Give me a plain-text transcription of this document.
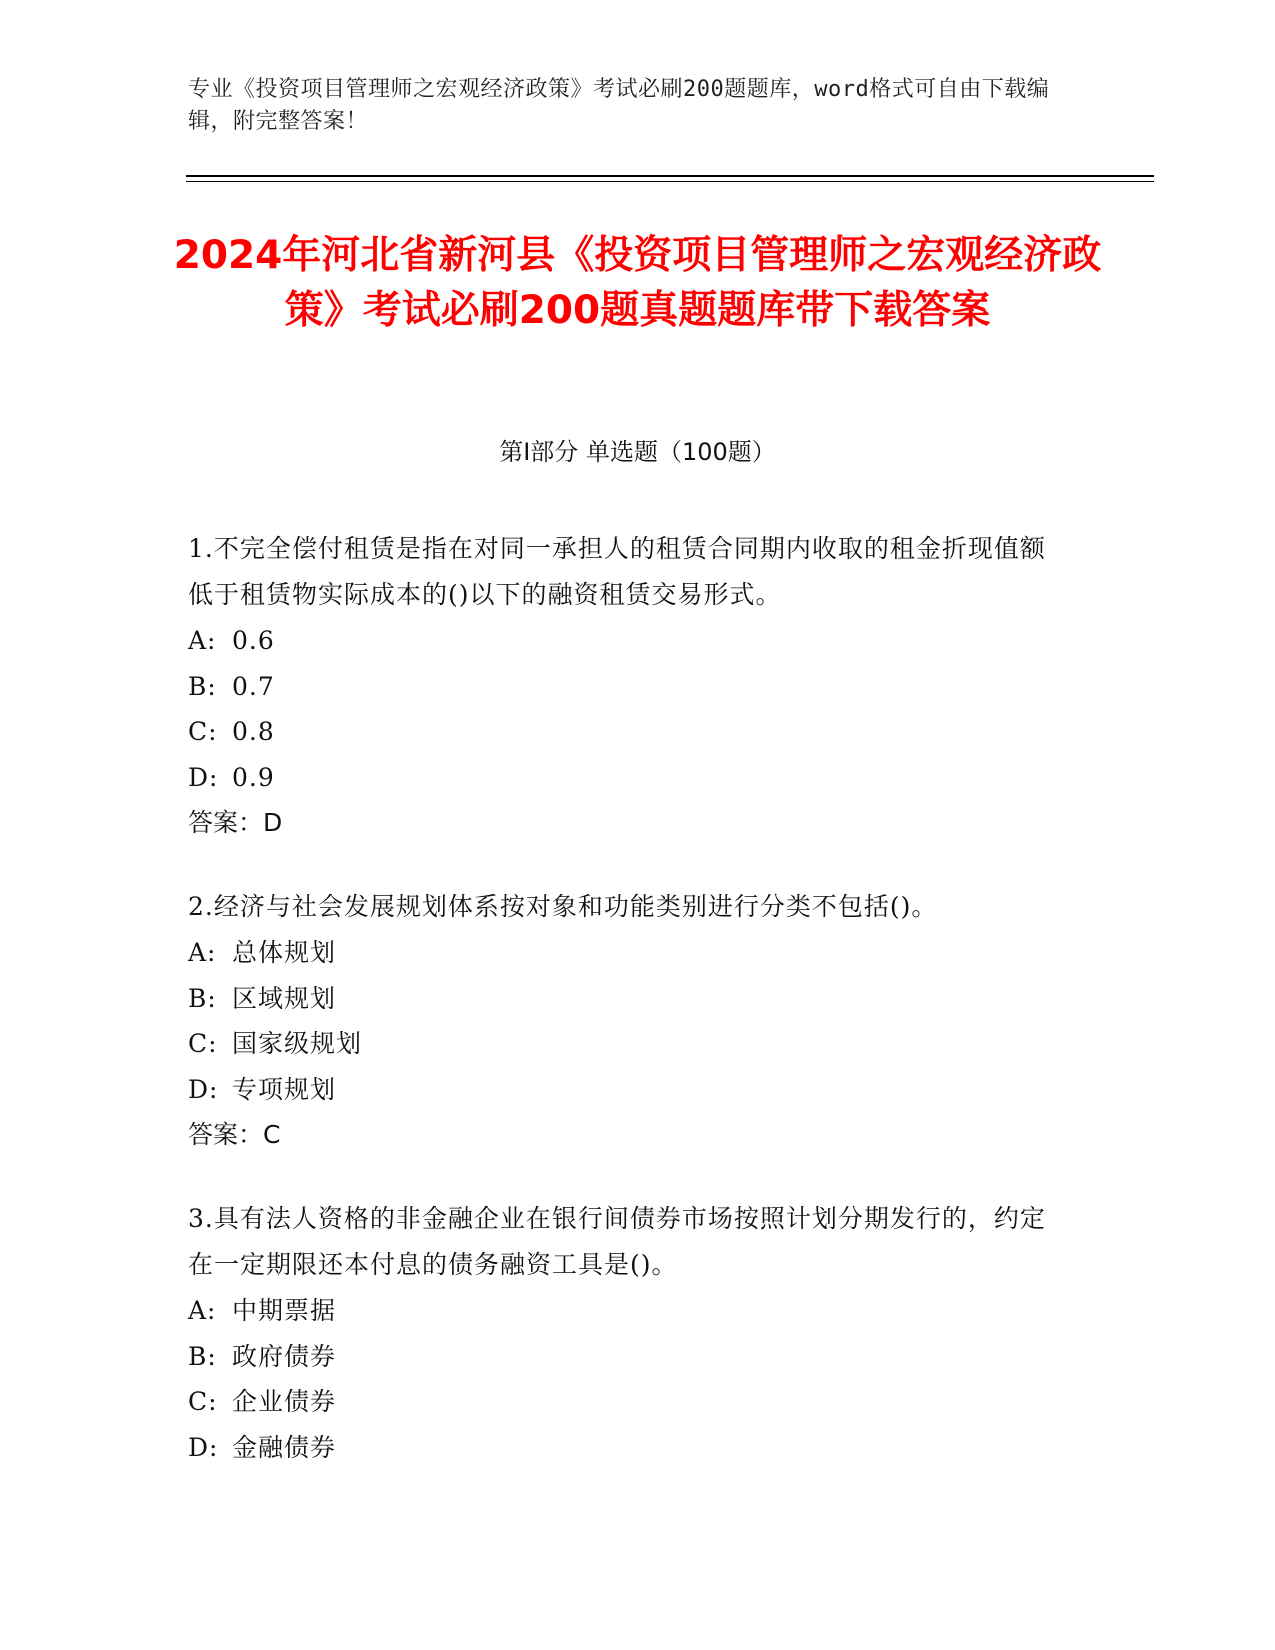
专业《投资项目管理师之宏观经济政策》考试必刷200题题库，word格式可自由下载编辑，附完整答案！
2024年河北省新河县《投资项目管理师之宏观经济政策》考试必刷200题真题题库带下载答案
第Ⅰ部分 单选题（100题）
1.不完全偿付租赁是指在对同一承担人的租赁合同期内收取的租金折现值额低于租赁物实际成本的()以下的融资租赁交易形式。
A: 0.6
B: 0.7
C: 0.8
D: 0.9
答案：D
2.经济与社会发展规划体系按对象和功能类别进行分类不包括()。
A: 总体规划
B: 区域规划
C: 国家级规划
D: 专项规划
答案：C
3.具有法人资格的非金融企业在银行间债券市场按照计划分期发行的，约定在一定期限还本付息的债务融资工具是()。
A: 中期票据
B: 政府债券
C: 企业债券
D: 金融债券
